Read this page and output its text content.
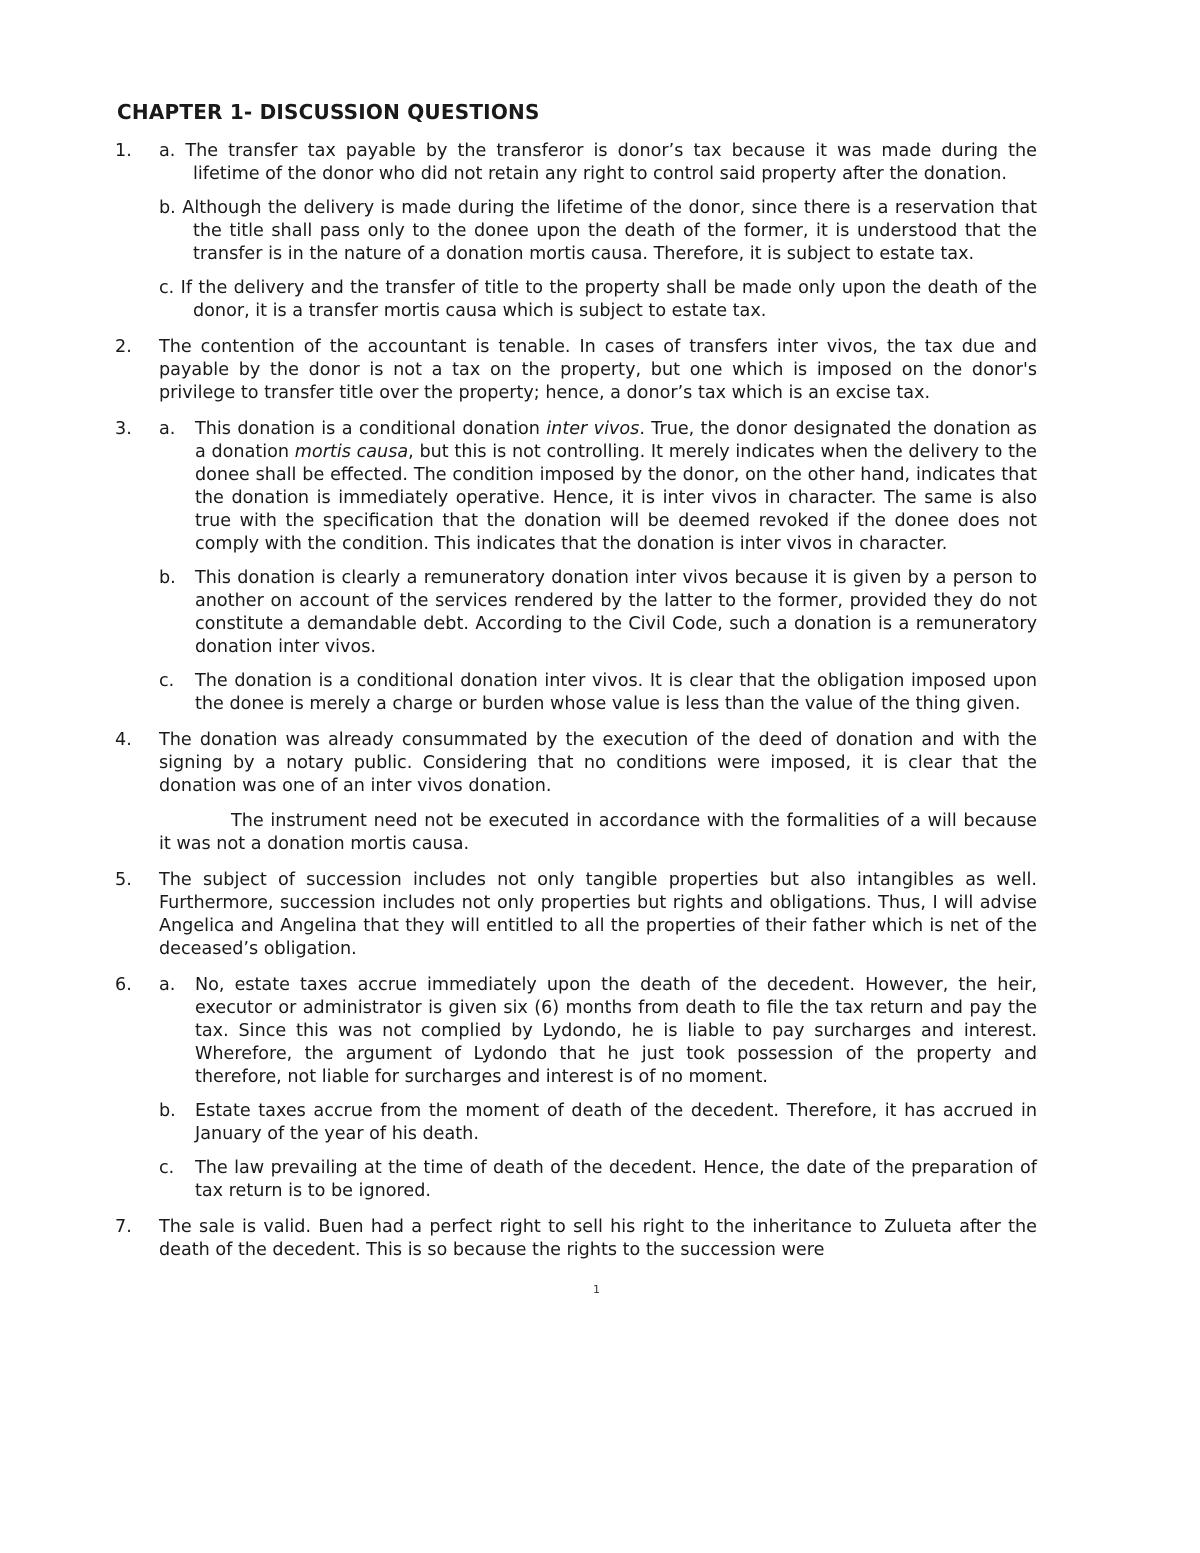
CHAPTER 1- DISCUSSION QUESTIONS
1. a. The transfer tax payable by the transferor is donor’s tax because it was made during the lifetime of the donor who did not retain any right to control said property after the donation.
b. Although the delivery is made during the lifetime of the donor, since there is a reservation that the title shall pass only to the donee upon the death of the former, it is understood that the transfer is in the nature of a donation mortis causa. Therefore, it is subject to estate tax.
c. If the delivery and the transfer of title to the property shall be made only upon the death of the donor, it is a transfer mortis causa which is subject to estate tax.
2. The contention of the accountant is tenable. In cases of transfers inter vivos, the tax due and payable by the donor is not a tax on the property, but one which is imposed on the donor's privilege to transfer title over the property; hence, a donor’s tax which is an excise tax.
3. a. This donation is a conditional donation inter vivos. True, the donor designated the donation as a donation mortis causa, but this is not controlling. It merely indicates when the delivery to the donee shall be effected. The condition imposed by the donor, on the other hand, indicates that the donation is immediately operative. Hence, it is inter vivos in character. The same is also true with the specification that the donation will be deemed revoked if the donee does not comply with the condition. This indicates that the donation is inter vivos in character.
b. This donation is clearly a remuneratory donation inter vivos because it is given by a person to another on account of the services rendered by the latter to the former, provided they do not constitute a demandable debt. According to the Civil Code, such a donation is a remuneratory donation inter vivos.
c. The donation is a conditional donation inter vivos. It is clear that the obligation imposed upon the donee is merely a charge or burden whose value is less than the value of the thing given.
4. The donation was already consummated by the execution of the deed of donation and with the signing by a notary public. Considering that no conditions were imposed, it is clear that the donation was one of an inter vivos donation.
The instrument need not be executed in accordance with the formalities of a will because it was not a donation mortis causa.
5. The subject of succession includes not only tangible properties but also intangibles as well. Furthermore, succession includes not only properties but rights and obligations. Thus, I will advise Angelica and Angelina that they will entitled to all the properties of their father which is net of the deceased’s obligation.
6. a. No, estate taxes accrue immediately upon the death of the decedent. However, the heir, executor or administrator is given six (6) months from death to file the tax return and pay the tax. Since this was not complied by Lydondo, he is liable to pay surcharges and interest. Wherefore, the argument of Lydondo that he just took possession of the property and therefore, not liable for surcharges and interest is of no moment.
b. Estate taxes accrue from the moment of death of the decedent. Therefore, it has accrued in January of the year of his death.
c. The law prevailing at the time of death of the decedent. Hence, the date of the preparation of tax return is to be ignored.
7. The sale is valid. Buen had a perfect right to sell his right to the inheritance to Zulueta after the death of the decedent. This is so because the rights to the succession were
1
